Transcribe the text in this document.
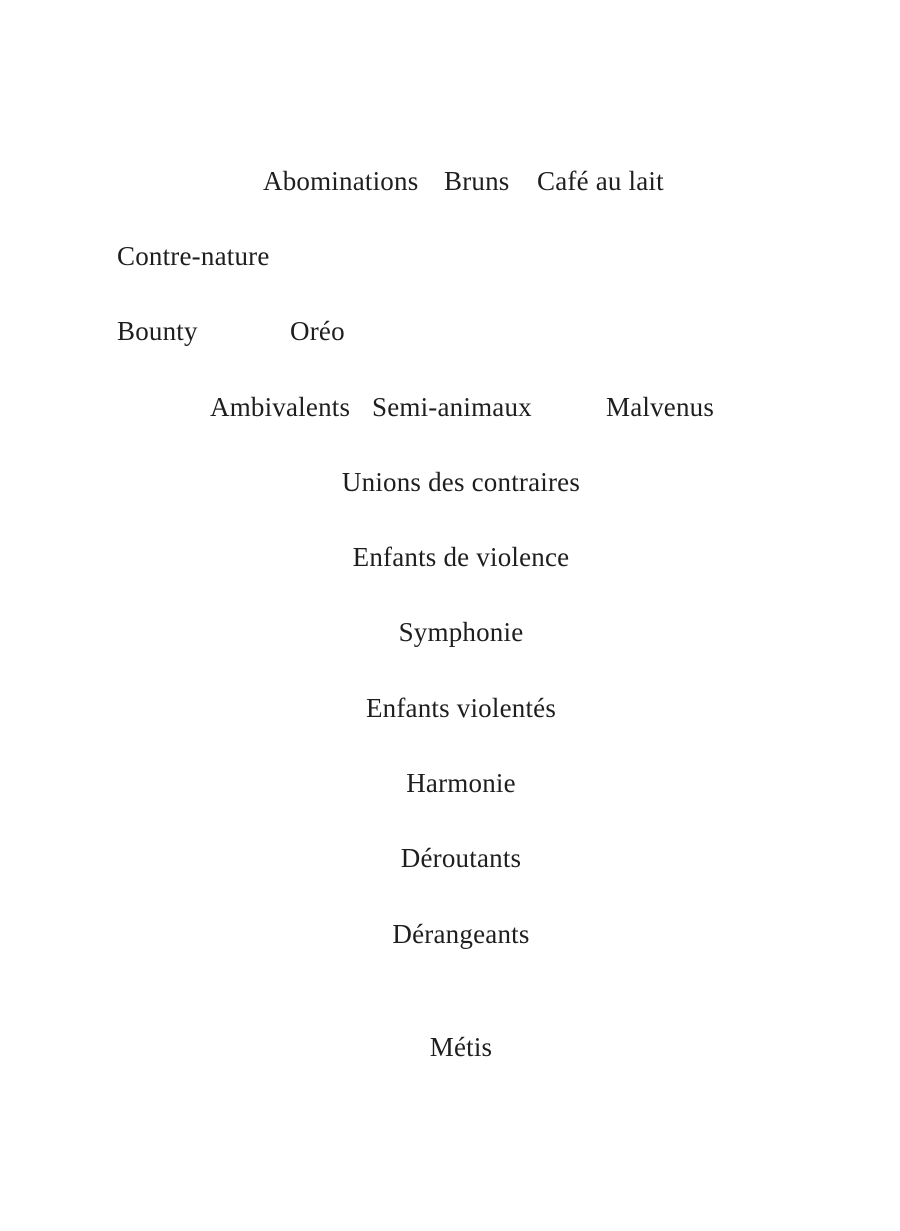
Abominations Bruns Café au lait
Contre-nature
Bounty	Oréo
Ambivalents Semi-animaux	Malvenus
Unions des contraires
Enfants de violence
Symphonie
Enfants violentés
Harmonie
Déroutants
Dérangeants
Métis
